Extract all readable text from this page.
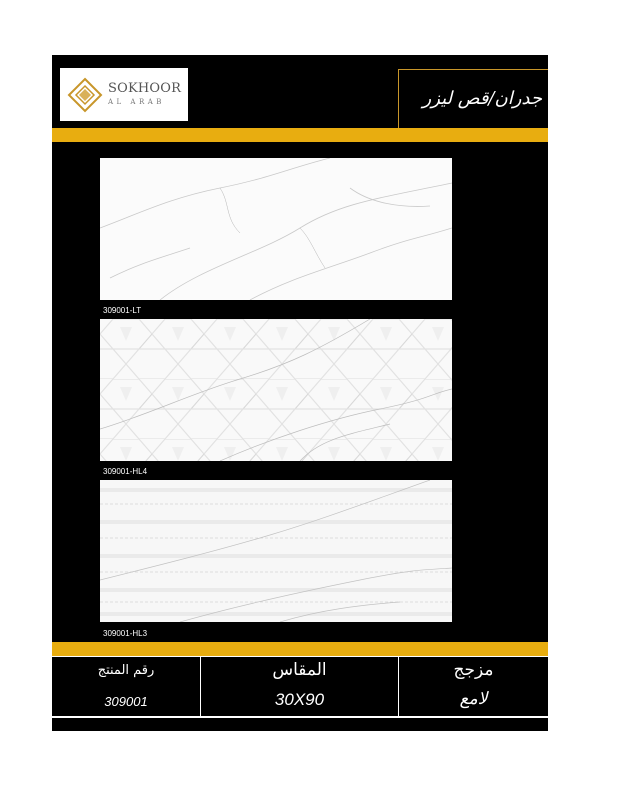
SOKHOOR
AL ARAB	جدران/قص ليزر
309001-LT
309001-HL4
309001-HL3
رقم المنتج
309001
المقاس
30X90
مزجج
لامع
